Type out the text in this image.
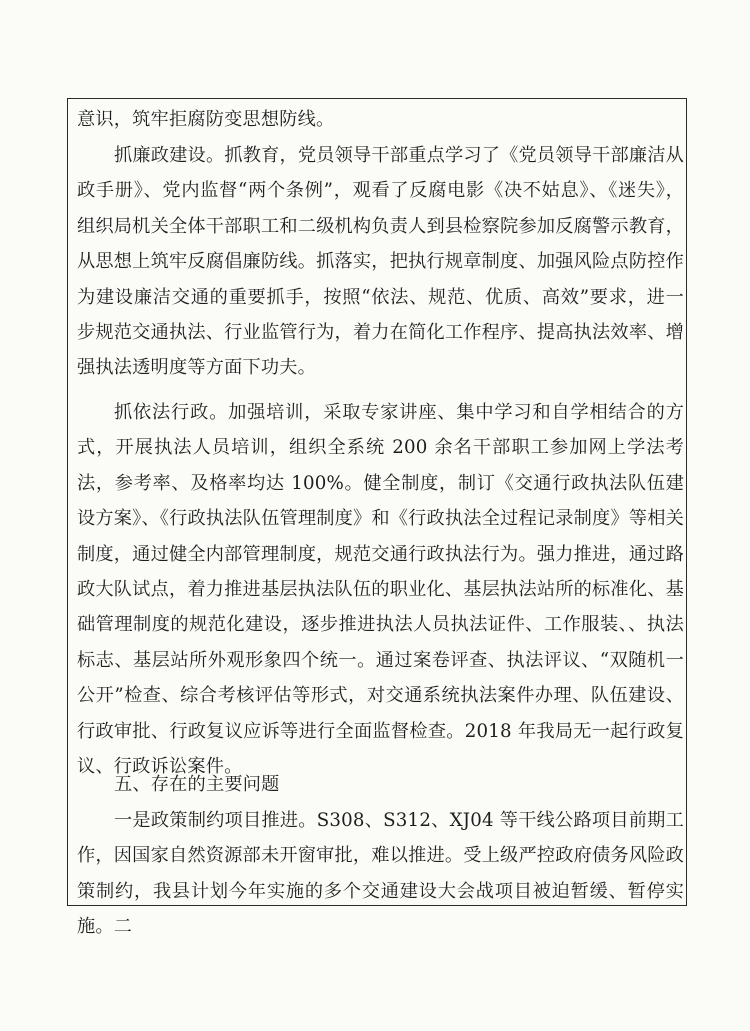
意识，筑牢拒腐防变思想防线。

抓廉政建设。抓教育，党员领导干部重点学习了《党员领导干部廉洁从政手册》、党内监督“两个条例”，观看了反腐电影《决不姑息》、《迷失》，组织局机关全体干部职工和二级机构负责人到县检察院参加反腐警示教育，从思想上筑牢反腐倡廉防线。抓落实，把执行规章制度、加强风险点防控作为建设廉洁交通的重要抓手，按照“依法、规范、优质、高效”要求，进一步规范交通执法、行业监管行为，着力在简化工作程序、提高执法效率、增强执法透明度等方面下功夫。

抓依法行政。加强培训，采取专家讲座、集中学习和自学相结合的方式，开展执法人员培训，组织全系统 200 余名干部职工参加网上学法考法，参考率、及格率均达 100%。健全制度，制订《交通行政执法队伍建设方案》、《行政执法队伍管理制度》和《行政执法全过程记录制度》等相关制度，通过健全内部管理制度，规范交通行政执法行为。强力推进，通过路政大队试点，着力推进基层执法队伍的职业化、基层执法站所的标准化、基础管理制度的规范化建设，逐步推进执法人员执法证件、工作服装、、执法标志、基层站所外观形象四个统一。通过案卷评查、执法评议、“双随机一公开”检查、综合考核评估等形式，对交通系统执法案件办理、队伍建设、行政审批、行政复议应诉等进行全面监督检查。2018 年我局无一起行政复议、行政诉讼案件。

五、存在的主要问题

一是政策制约项目推进。S308、S312、XJ04 等干线公路项目前期工作，因国家自然资源部未开窗审批，难以推进。受上级严控政府债务风险政策制约，我县计划今年实施的多个交通建设大会战项目被迫暂缓、暂停实施。二
